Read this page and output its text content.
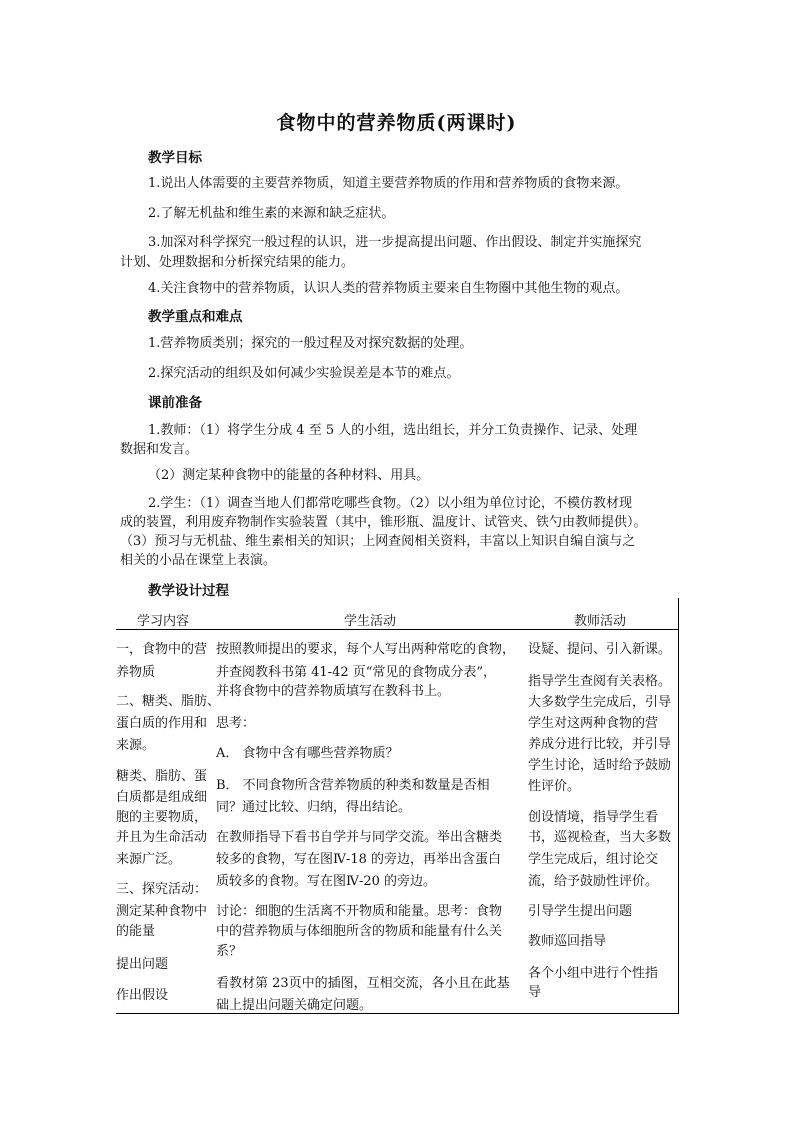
食物中的营养物质(两课时)
教学目标
1.说出人体需要的主要营养物质，知道主要营养物质的作用和营养物质的食物来源。
2.了解无机盐和维生素的来源和缺乏症状。
3.加深对科学探究一般过程的认识，进一步提高提出问题、作出假设、制定并实施探究
计划、处理数据和分析探究结果的能力。
4.关注食物中的营养物质，认识人类的营养物质主要来自生物圈中其他生物的观点。
教学重点和难点
1.营养物质类别；探究的一般过程及对探究数据的处理。
2.探究活动的组织及如何减少实验误差是本节的难点。
课前准备
1.教师：（1）将学生分成 4 至 5 人的小组，选出组长，并分工负责操作、记录、处理
数据和发言。
（2）测定某种食物中的能量的各种材料、用具。
2.学生：（1）调查当地人们都常吃哪些食物。（2）以小组为单位讨论，不模仿教材现
成的装置，利用废弃物制作实验装置（其中，锥形瓶、温度计、试管夹、铁勺由教师提供）。
（3）预习与无机盐、维生素相关的知识；上网查阅相关资料，丰富以上知识自编自演与之
相关的小品在课堂上表演。
教学设计过程
学习内容	学生活动	教师活动
一，食物中的营
养物质
二、糖类、脂肪、
蛋白质的作用和
来源。
糖类、脂肪、蛋
白质都是组成细
胞的主要物质，
并且为生命活动
来源广泛。
三、探究活动：
测定某种食物中
的能量
提出问题
作出假设
按照教师提出的要求，每个人写出两种常吃的食物，
并查阅教科书第 41-42 页“常见的食物成分表”，
并将食物中的营养物质填写在教科书上。
思考：
A． 食物中含有哪些营养物质？
B． 不同食物所含营养物质的种类和数量是否相
同？通过比较、归纳，得出结论。
在教师指导下看书自学并与同学交流。举出含糖类
较多的食物，写在图Ⅳ-18 的旁边，再举出含蛋白
质较多的食物。写在图Ⅳ-20 的旁边。
讨论：细胞的生活离不开物质和能量。思考：食物
中的营养物质与体细胞所含的物质和能量有什么关
系？
看教材第 23页中的插图，互相交流，各小且在此基
础上提出问题关确定问题。
设疑、提问、引入新课。
指导学生查阅有关表格。
大多数学生完成后，引导
学生对这两种食物的营
养成分进行比较，并引导
学生讨论，适时给予鼓励
性评价。
创设情境，指导学生看
书，巡视检查，当大多数
学生完成后，组讨论交
流，给予鼓励性评价。
引导学生提出问题
教师巡回指导
各个小组中进行个性指
导
